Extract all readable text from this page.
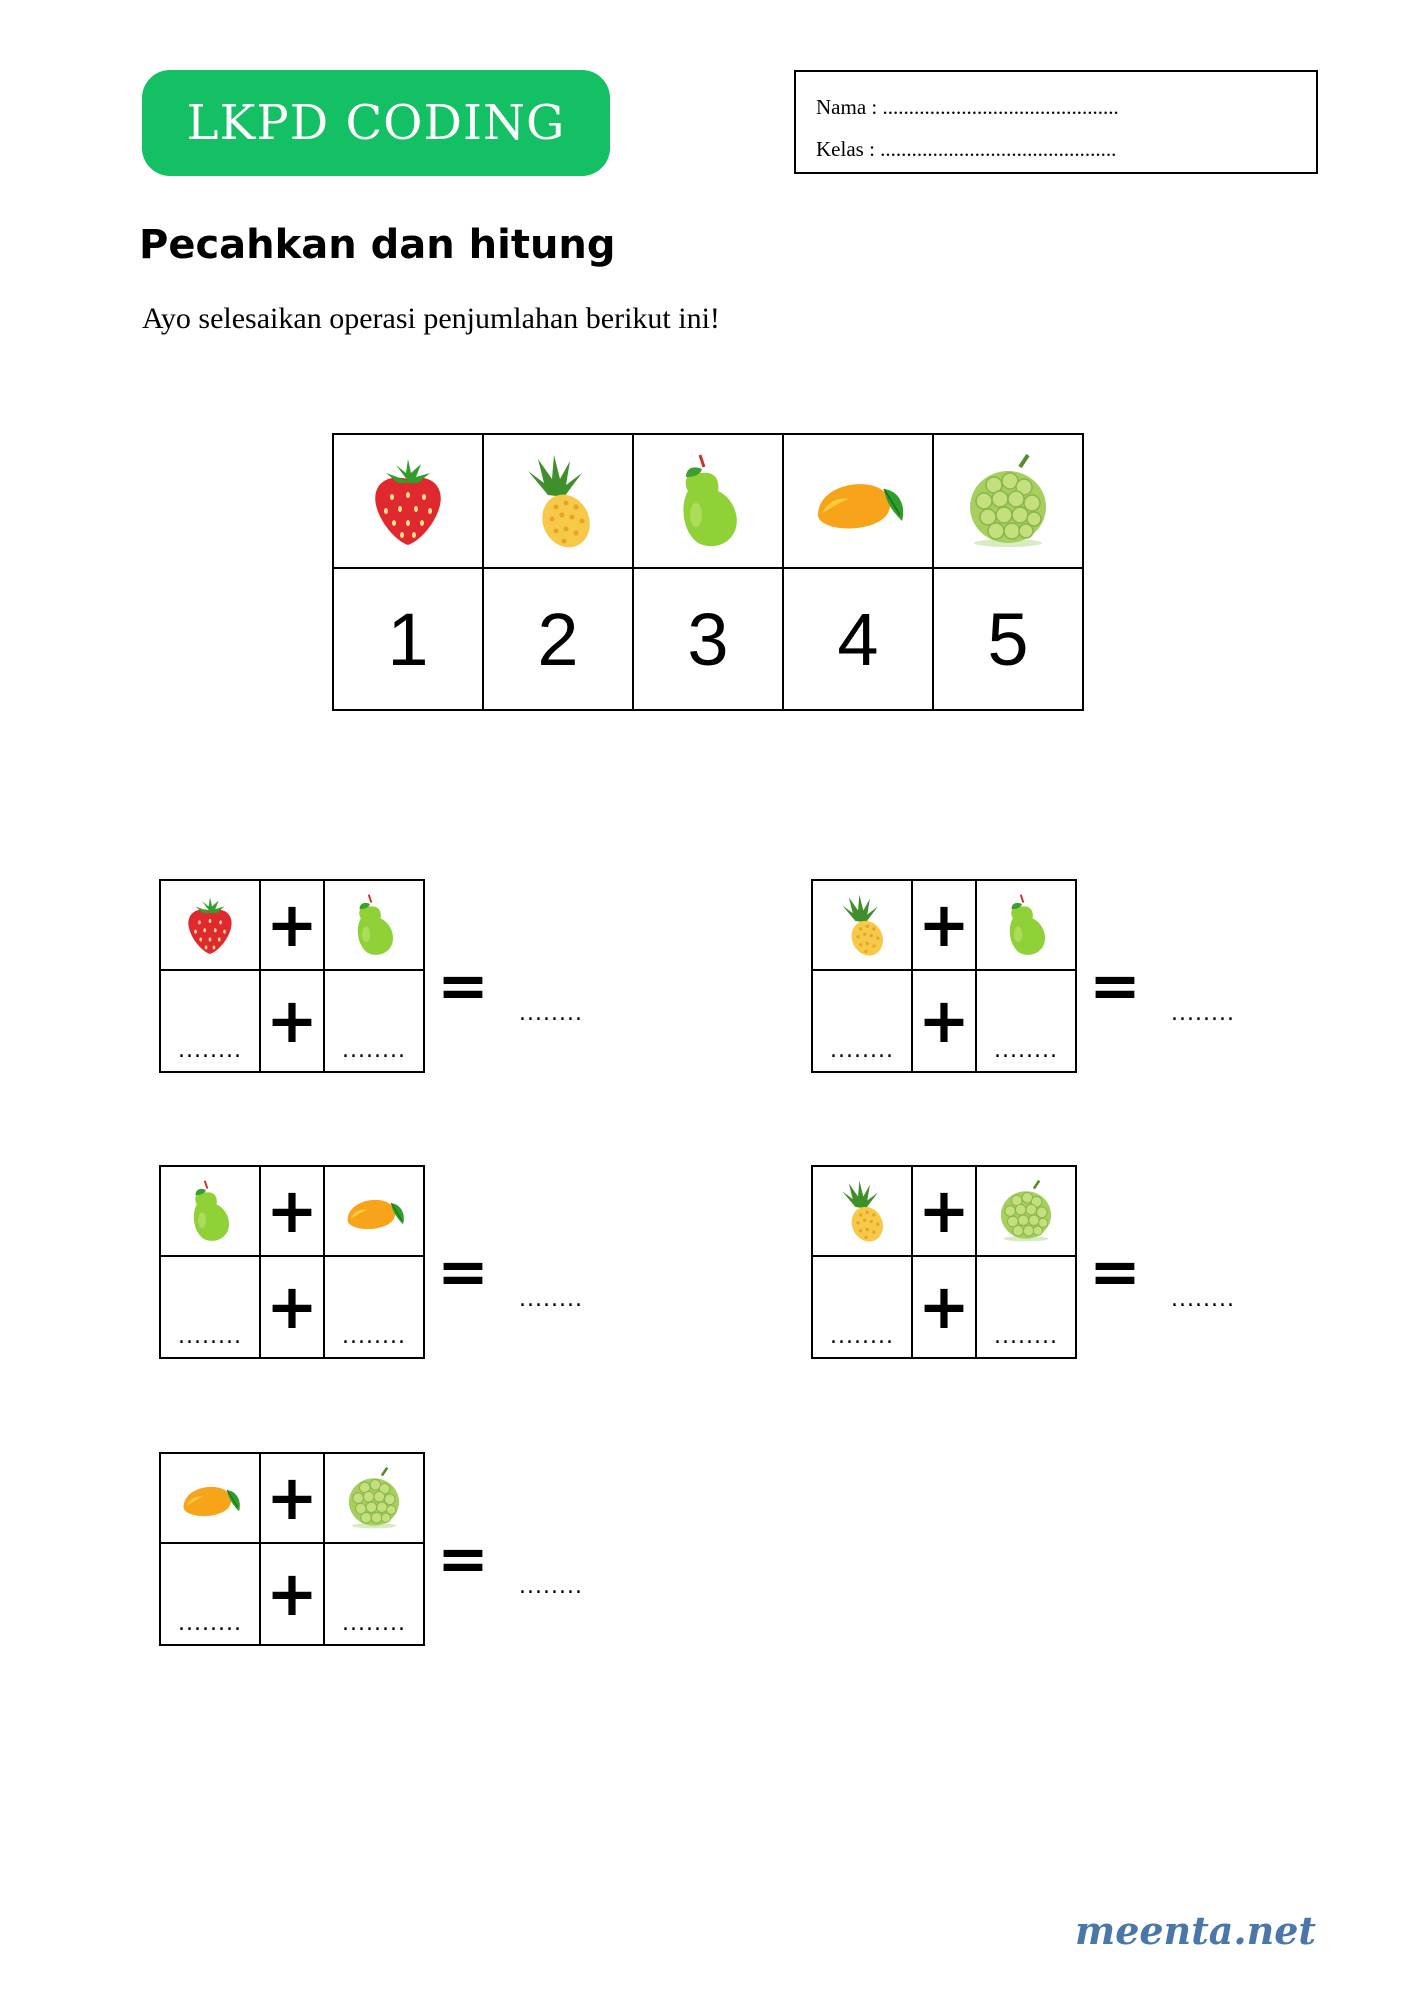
LKPD CODING	Nama : .............................................
Kelas : .............................................
Pecahkan dan hitung
Ayo selesaikan operasi penjumlahan berikut ini!

1	2	3	4	5
	+	

........	+	........
= ........
	+	

........	+	........
= ........
	+	

........	+	........
= ........
	+	

........	+	........
= ........
	+	

........	+	........
= ........
meenta.net
